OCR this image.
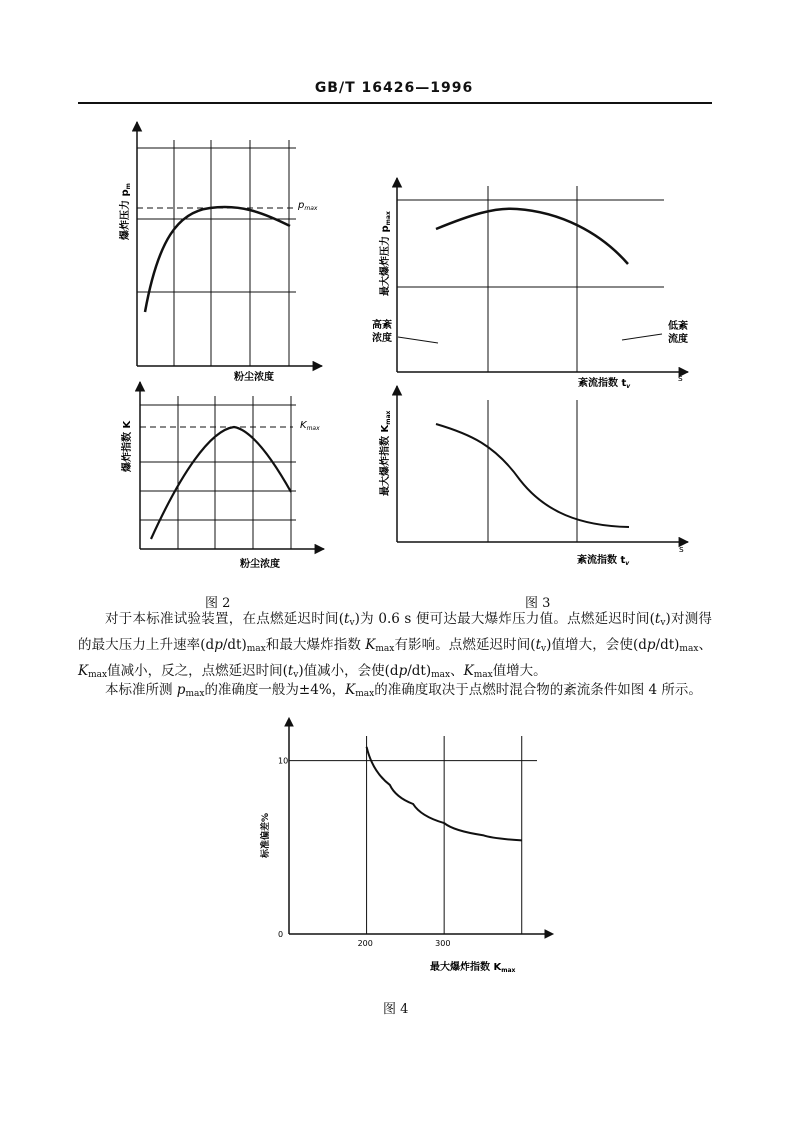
GB/T 16426—1996
$p_{max}$
$K_{max}$
爆炸压力 $p_m$
爆炸指数 K
粉尘浓度
粉尘浓度
最大爆炸压力 $p_{max}$
最大爆炸指数 $K_{max}$
高紊
浓度
低紊
流度
紊流指数 $t_v$
s
紊流指数 $t_v$
s
图 2	图 3

对于本标准试验装置，在点燃延迟时间$(t_v)$为 0.6 s 便可达最大爆炸压力值。点燃延迟时间$(t_v)$对测得的最大压力上升速率$(dp/dt)_{max}$和最大爆炸指数 $K_{max}$有影响。点燃延迟时间$(t_v)$值增大，会使$(dp/dt)_{max}$、$K_{max}$值减小，反之，点燃延迟时间$(t_v)$值减小，会使$(dp/dt)_{max}$、$K_{max}$值增大。

本标准所测 $p_{max}$的准确度一般为±4%，$K_{max}$的准确度取决于点燃时混合物的紊流条件如图 4 所示。

200	300
0
10
标准偏差%
最大爆炸指数 $K_{max}$
图 4
